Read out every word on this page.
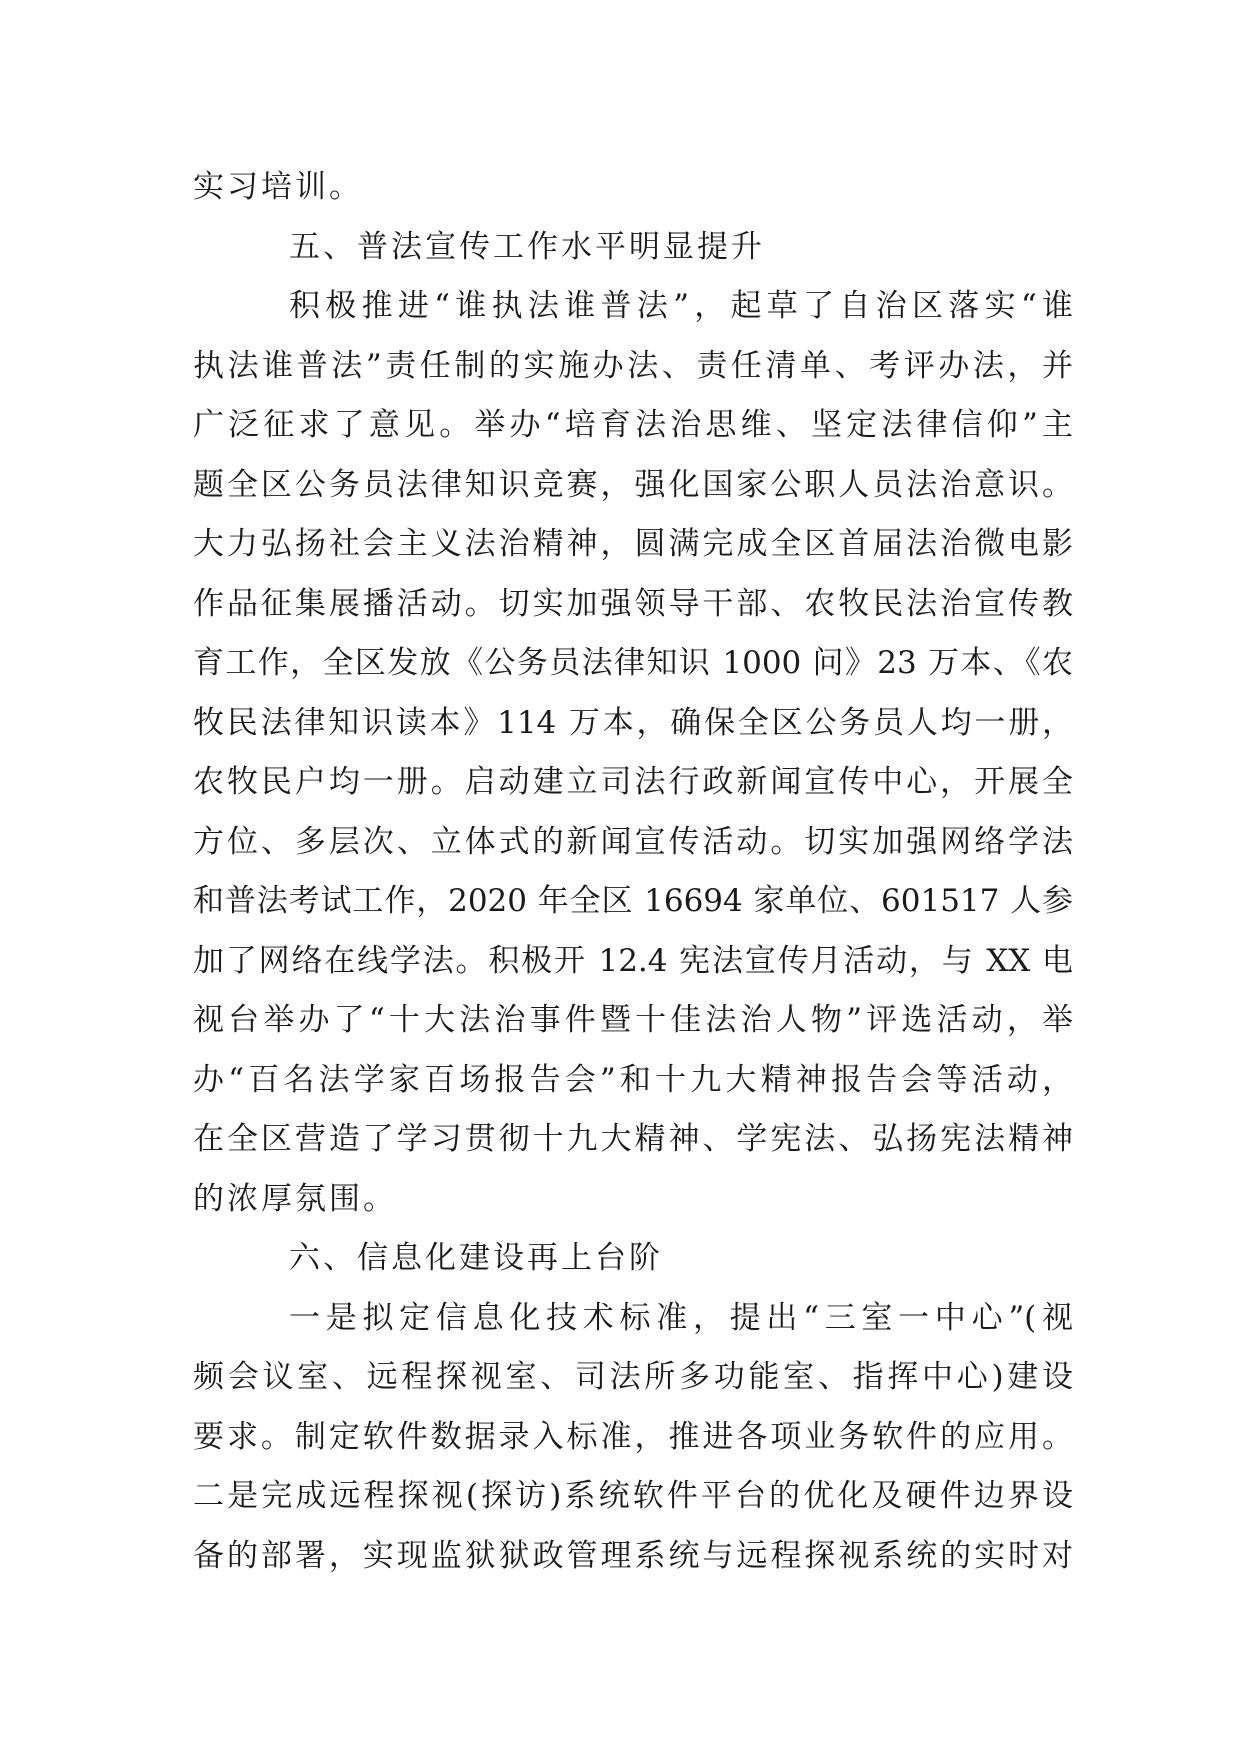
实习培训。
五、普法宣传工作水平明显提升
积极推进“谁执法谁普法”，起草了自治区落实“谁
执法谁普法”责任制的实施办法、责任清单、考评办法，并
广泛征求了意见。举办“培育法治思维、坚定法律信仰”主
题全区公务员法律知识竞赛，强化国家公职人员法治意识。
大力弘扬社会主义法治精神，圆满完成全区首届法治微电影
作品征集展播活动。切实加强领导干部、农牧民法治宣传教
育工作，全区发放《公务员法律知识 1000 问》23 万本、《农
牧民法律知识读本》114 万本，确保全区公务员人均一册，
农牧民户均一册。启动建立司法行政新闻宣传中心，开展全
方位、多层次、立体式的新闻宣传活动。切实加强网络学法
和普法考试工作，2020 年全区 16694 家单位、601517 人参
加了网络在线学法。积极开 12.4 宪法宣传月活动，与 XX 电
视台举办了“十大法治事件暨十佳法治人物”评选活动，举
办“百名法学家百场报告会”和十九大精神报告会等活动，
在全区营造了学习贯彻十九大精神、学宪法、弘扬宪法精神
的浓厚氛围。
六、信息化建设再上台阶
一是拟定信息化技术标准，提出“三室一中心”(视
频会议室、远程探视室、司法所多功能室、指挥中心)建设
要求。制定软件数据录入标准，推进各项业务软件的应用。
二是完成远程探视(探访)系统软件平台的优化及硬件边界设
备的部署，实现监狱狱政管理系统与远程探视系统的实时对
